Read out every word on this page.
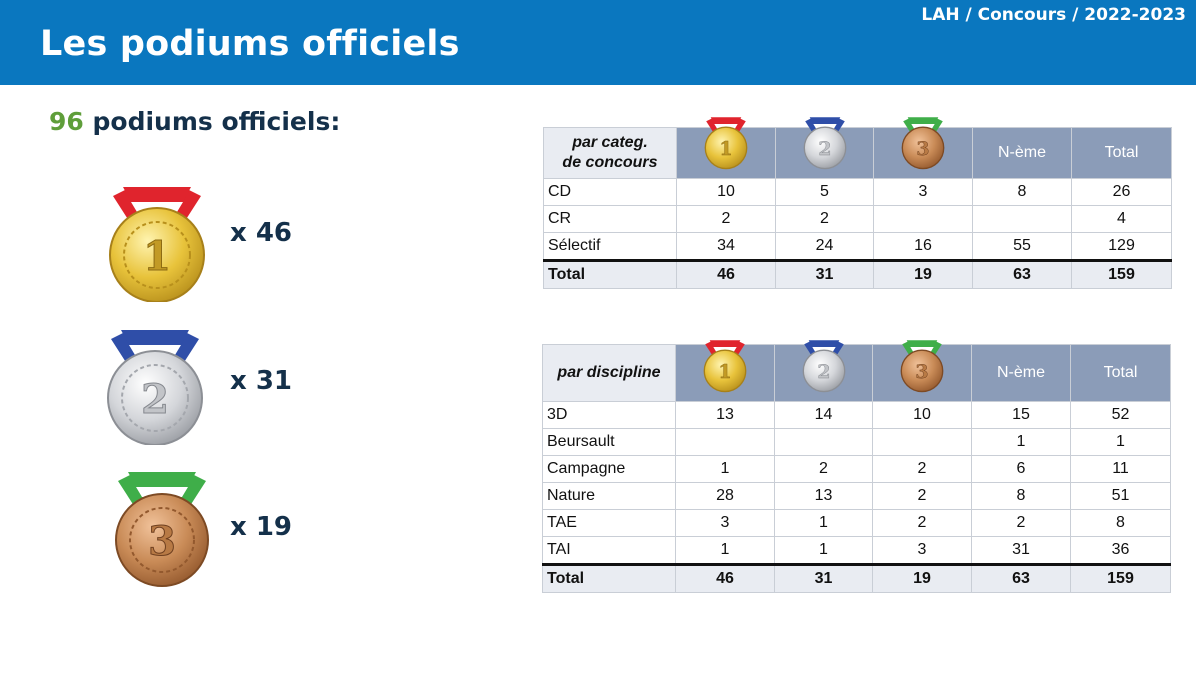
Les podiums officiels
LAH / Concours / 2022-2023
96 podiums officiels:
1 x 46
2 x 31
3 x 19
par categ.
de concours	1	2	3	N-ème	Total
CD	10	5	3	8	26
CR	2	2			4
Sélectif	34	24	16	55	129
Total	46	31	19	63	159
par discipline	1	2	3	N-ème	Total
3D	13	14	10	15	52
Beursault				1	1
Campagne	1	2	2	6	11
Nature	28	13	2	8	51
TAE	3	1	2	2	8
TAI	1	1	3	31	36
Total	46	31	19	63	159
